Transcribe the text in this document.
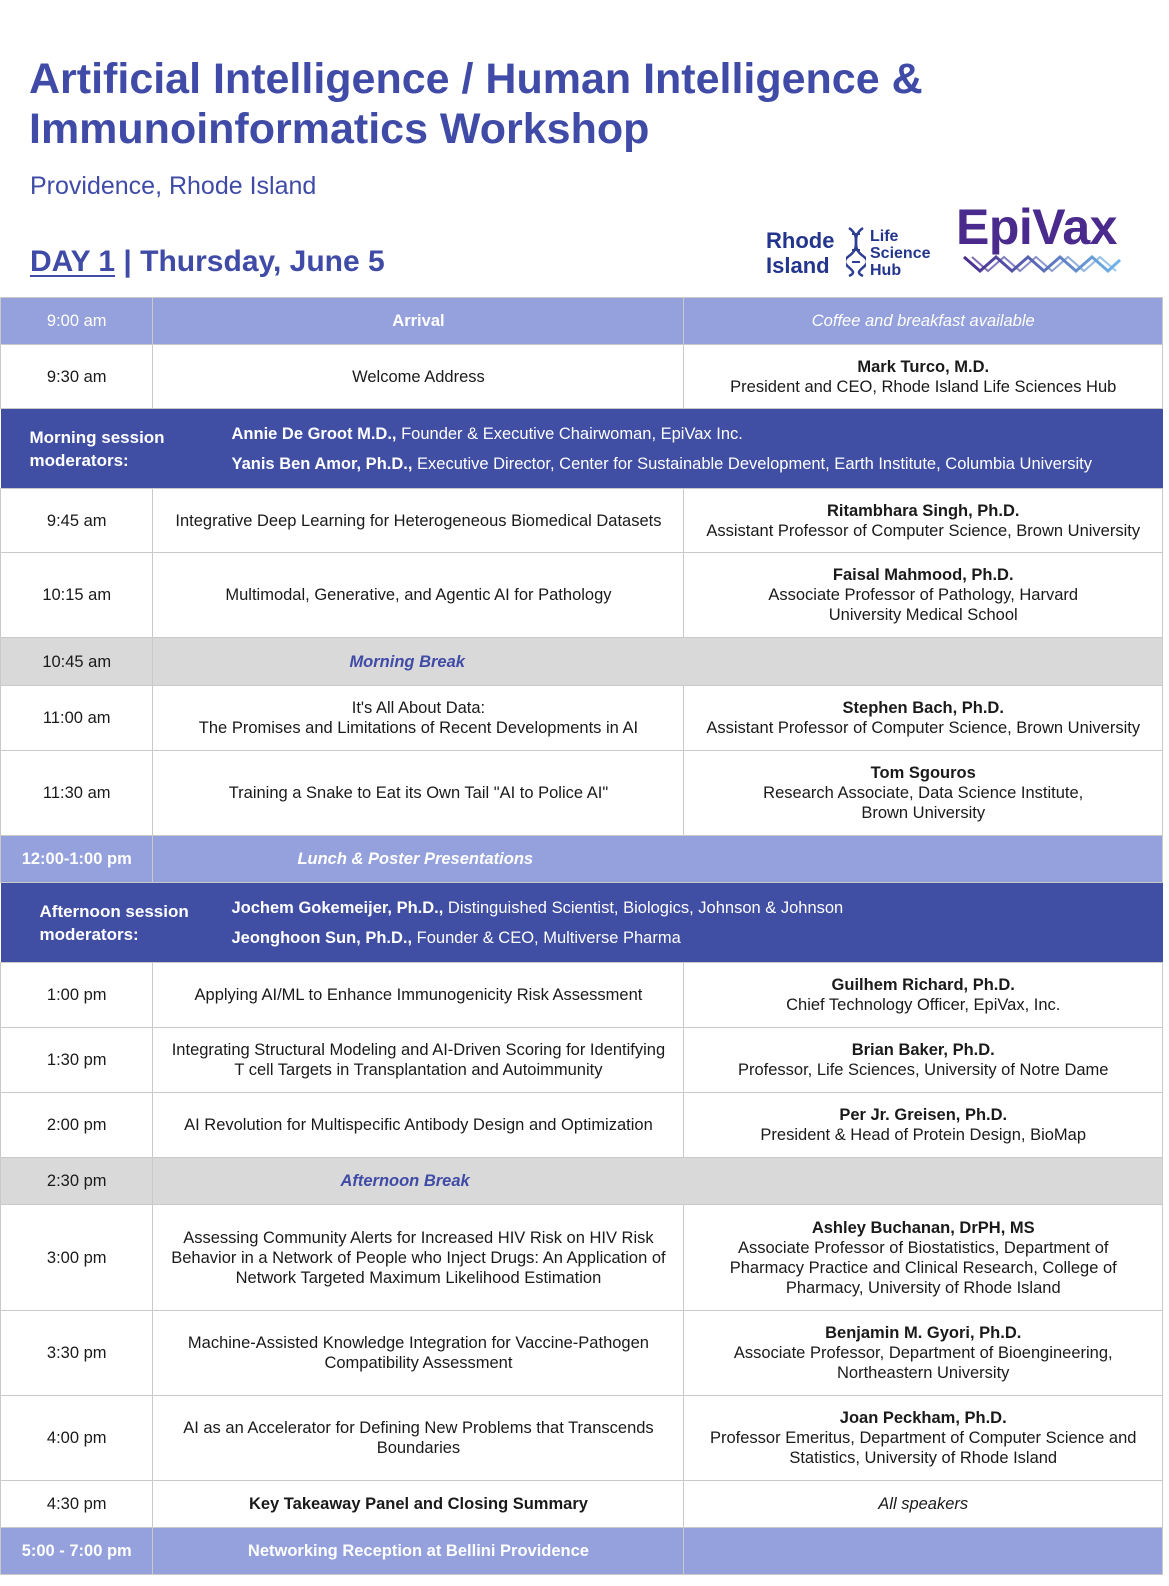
Artificial Intelligence / Human Intelligence &
Immunoinformatics Workshop
Providence, Rhode Island
DAY 1 | Thursday, June 5
Rhode
Island
Life
Science
Hub
EpiVax
9:00 am	Arrival	Coffee and breakfast available
9:30 am	Welcome Address	Mark Turco, M.D.
President and CEO, Rhode Island Life Sciences Hub

Morning session moderators:
Annie De Groot M.D., Founder & Executive Chairwoman, EpiVax Inc.
Yanis Ben Amor, Ph.D., Executive Director, Center for Sustainable Development, Earth Institute, Columbia University		

9:45 am	Integrative Deep Learning for Heterogeneous Biomedical Datasets	Ritambhara Singh, Ph.D.
Assistant Professor of Computer Science, Brown University

10:15 am	Multimodal, Generative, and Agentic AI for Pathology	Faisal Mahmood, Ph.D.
Associate Professor of Pathology, Harvard University Medical School

10:45 am	Morning Break	
11:00 am	It's All About Data:
The Promises and Limitations of Recent Developments in AI	Stephen Bach, Ph.D.
Assistant Professor of Computer Science, Brown University

11:30 am	Training a Snake to Eat its Own Tail "AI to Police AI"	Tom Sgouros
Research Associate, Data Science Institute,
Brown University

12:00-1:00 pm	Lunch & Poster Presentations	

Afternoon session moderators:
Jochem Gokemeijer, Ph.D., Distinguished Scientist, Biologics, Johnson & Johnson
Jeonghoon Sun, Ph.D., Founder & CEO, Multiverse Pharma		

1:00 pm	Applying AI/ML to Enhance Immunogenicity Risk Assessment	Guilhem Richard, Ph.D.
Chief Technology Officer, EpiVax, Inc.

1:30 pm	Integrating Structural Modeling and AI-Driven Scoring for Identifying T cell Targets in Transplantation and Autoimmunity	Brian Baker, Ph.D.
Professor, Life Sciences, University of Notre Dame

2:00 pm	AI Revolution for Multispecific Antibody Design and Optimization	Per Jr. Greisen, Ph.D.
President & Head of Protein Design, BioMap

2:30 pm	Afternoon Break	
3:00 pm	Assessing Community Alerts for Increased HIV Risk on HIV Risk Behavior in a Network of People who Inject Drugs: An Application of Network Targeted Maximum Likelihood Estimation	Ashley Buchanan, DrPH, MS
Associate Professor of Biostatistics, Department of Pharmacy Practice and Clinical Research, College of Pharmacy, University of Rhode Island

3:30 pm	Machine-Assisted Knowledge Integration for Vaccine-Pathogen Compatibility Assessment	Benjamin M. Gyori, Ph.D.
Associate Professor, Department of Bioengineering, Northeastern University

4:00 pm	AI as an Accelerator for Defining New Problems that Transcends Boundaries	Joan Peckham, Ph.D.
Professor Emeritus, Department of Computer Science and Statistics, University of Rhode Island

4:30 pm	Key Takeaway Panel and Closing Summary	All speakers
5:00 - 7:00 pm	Networking Reception at Bellini Providence	
